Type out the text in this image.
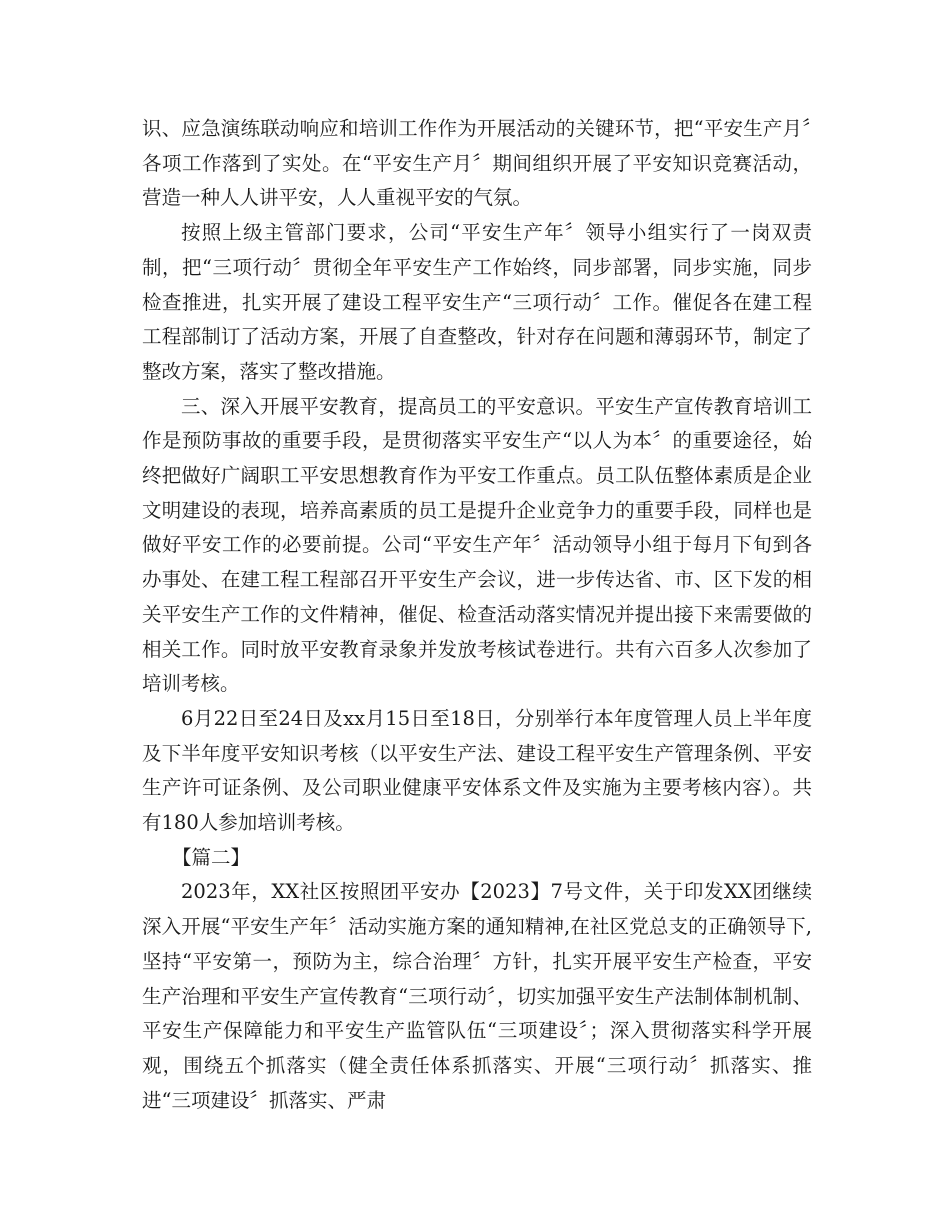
识、应急演练联动响应和培训工作作为开展活动的关键环节，把“平安生产月〞各项工作落到了实处。在“平安生产月〞期间组织开展了平安知识竞赛活动，营造一种人人讲平安，人人重视平安的气氛。

按照上级主管部门要求，公司“平安生产年〞领导小组实行了一岗双责制，把“三项行动〞贯彻全年平安生产工作始终，同步部署，同步实施，同步检查推进，扎实开展了建设工程平安生产“三项行动〞工作。催促各在建工程工程部制订了活动方案，开展了自查整改，针对存在问题和薄弱环节，制定了整改方案，落实了整改措施。

三、深入开展平安教育，提高员工的平安意识。平安生产宣传教育培训工作是预防事故的重要手段，是贯彻落实平安生产“以人为本〞的重要途径，始终把做好广阔职工平安思想教育作为平安工作重点。员工队伍整体素质是企业文明建设的表现，培养高素质的员工是提升企业竞争力的重要手段，同样也是做好平安工作的必要前提。公司“平安生产年〞活动领导小组于每月下旬到各办事处、在建工程工程部召开平安生产会议，进一步传达省、市、区下发的相关平安生产工作的文件精神，催促、检查活动落实情况并提出接下来需要做的相关工作。同时放平安教育录象并发放考核试卷进行。共有六百多人次参加了培训考核。

6月22日至24日及xx月15日至18日，分别举行本年度管理人员上半年度及下半年度平安知识考核（以平安生产法、建设工程平安生产管理条例、平安生产许可证条例、及公司职业健康平安体系文件及实施为主要考核内容）。共有180人参加培训考核。

【篇二】

2023年，XX社区按照团平安办【2023】7号文件，关于印发XX团继续深入开展“平安生产年〞活动实施方案的通知精神,在社区党总支的正确领导下,坚持“平安第一，预防为主，综合治理〞方针，扎实开展平安生产检查，平安生产治理和平安生产宣传教育“三项行动〞，切实加强平安生产法制体制机制、平安生产保障能力和平安生产监管队伍“三项建设〞；深入贯彻落实科学开展观，围绕五个抓落实（健全责任体系抓落实、开展“三项行动〞抓落实、推进“三项建设〞抓落实、严肃
